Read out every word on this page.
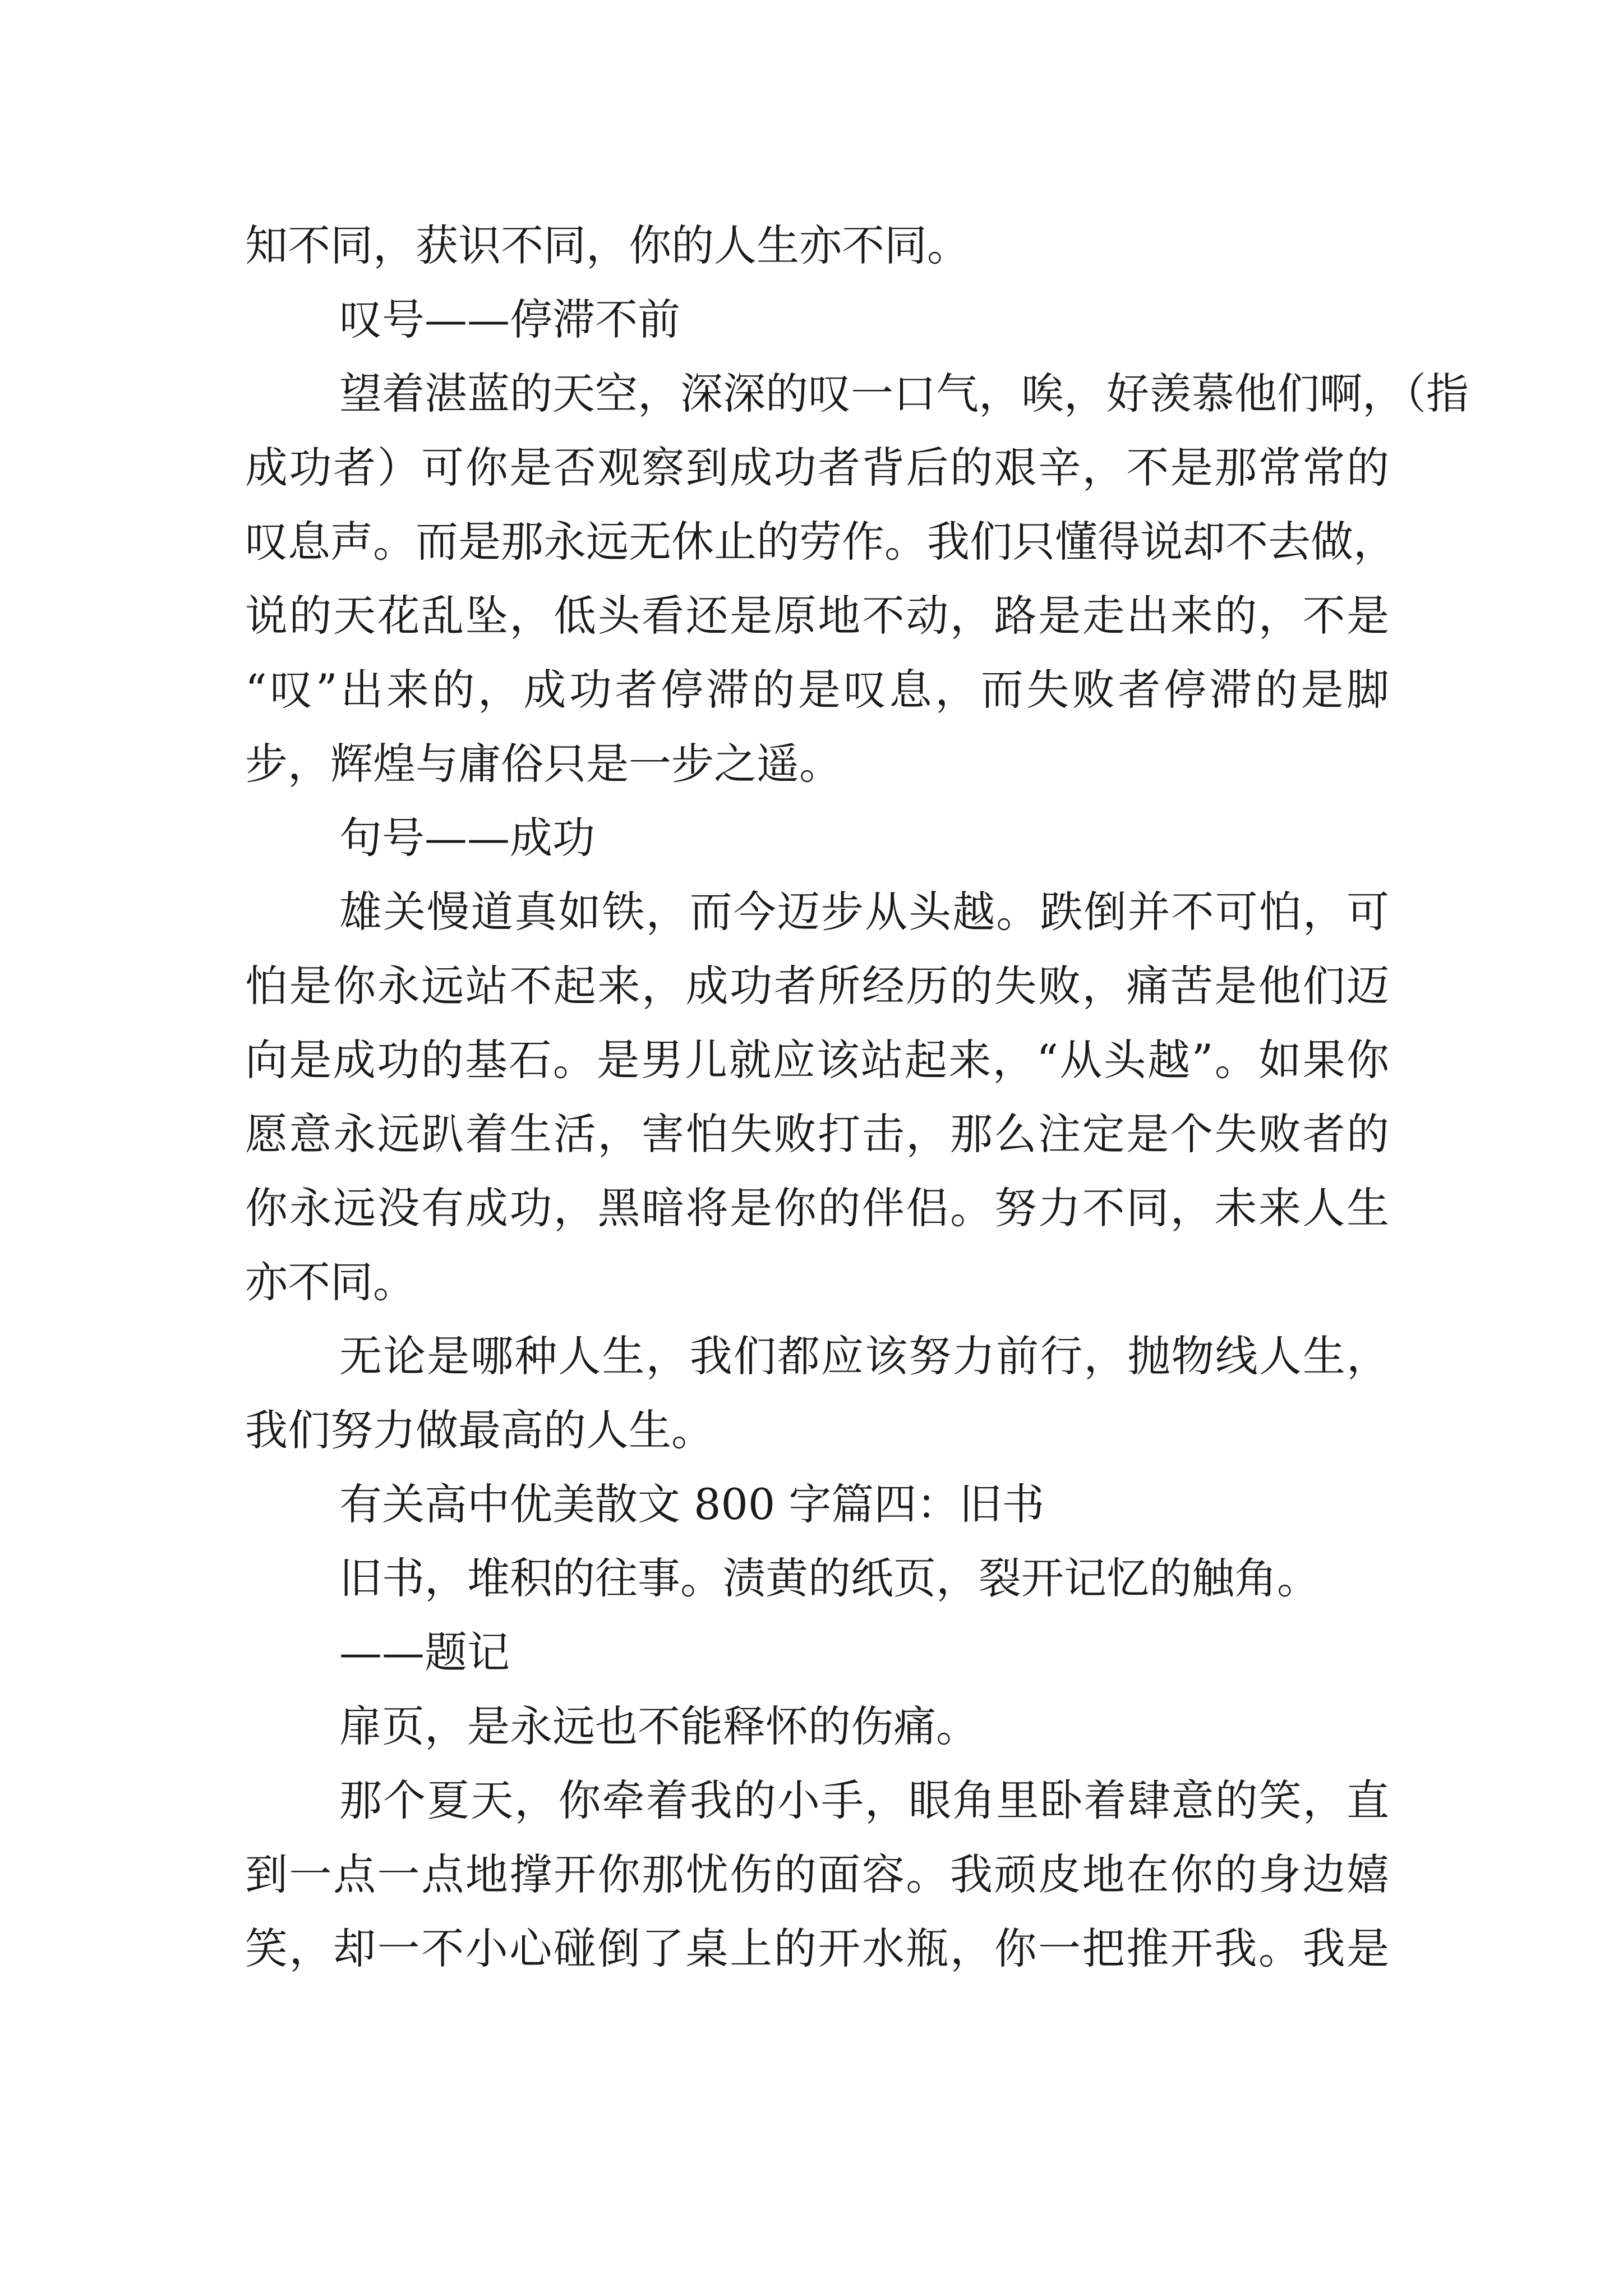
知不同，获识不同，你的人生亦不同。
叹号——停滞不前
望着湛蓝的天空，深深的叹一口气，唉，好羡慕他们啊，（指
成功者）可你是否观察到成功者背后的艰辛，不是那常常的
叹息声。而是那永远无休止的劳作。我们只懂得说却不去做，
说的天花乱坠，低头看还是原地不动，路是走出来的，不是
“叹”出来的，成功者停滞的是叹息，而失败者停滞的是脚
步，辉煌与庸俗只是一步之遥。
句号——成功
雄关慢道真如铁，而今迈步从头越。跌倒并不可怕，可
怕是你永远站不起来，成功者所经历的失败，痛苦是他们迈
向是成功的基石。是男儿就应该站起来，“从头越”。如果你
愿意永远趴着生活，害怕失败打击，那么注定是个失败者的
你永远没有成功，黑暗将是你的伴侣。努力不同，未来人生
亦不同。
无论是哪种人生，我们都应该努力前行，抛物线人生，
我们努力做最高的人生。
有关高中优美散文 800 字篇四：旧书
旧书，堆积的往事。渍黄的纸页，裂开记忆的触角。
——题记
扉页，是永远也不能释怀的伤痛。
那个夏天，你牵着我的小手，眼角里卧着肆意的笑，直
到一点一点地撑开你那忧伤的面容。我顽皮地在你的身边嬉
笑，却一不小心碰倒了桌上的开水瓶，你一把推开我。我是
